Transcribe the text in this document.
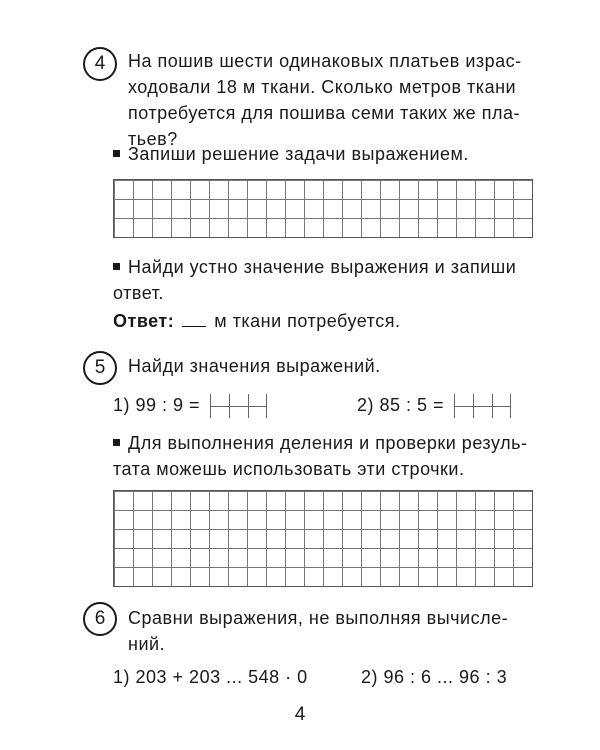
4	На пошив шести одинаковых платьев израс-
ходовали 18 м ткани. Сколько метров ткани
потребуется для пошива семи таких же пла-
тьев?
Запиши решение задачи выражением.
Найди устно значение выражения и запиши
ответ.
Ответ: м ткани потребуется.
5	Найди значения выражений.
1) 99 : 9 =	2) 85 : 5 =
Для выполнения деления и проверки резуль-
тата можешь использовать эти строчки.
6	Сравни выражения, не выполняя вычисле-
ний.
1) 203 + 203 ... 548 · 0	2) 96 : 6 ... 96 : 3
4
